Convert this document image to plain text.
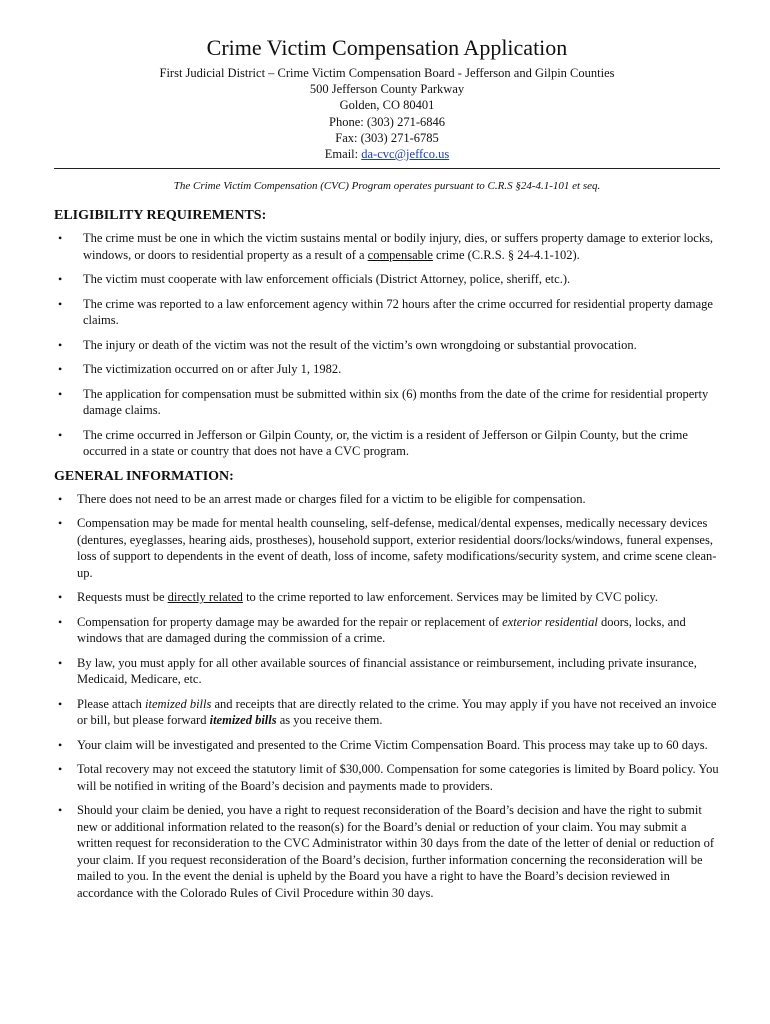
Crime Victim Compensation Application
First Judicial District – Crime Victim Compensation Board - Jefferson and Gilpin Counties
500 Jefferson County Parkway
Golden, CO 80401
Phone: (303) 271-6846
Fax: (303) 271-6785
Email: da-cvc@jeffco.us
The Crime Victim Compensation (CVC) Program operates pursuant to C.R.S §24-4.1-101 et seq.
ELIGIBILITY REQUIREMENTS:
• The crime must be one in which the victim sustains mental or bodily injury, dies, or suffers property damage to exterior locks, windows, or doors to residential property as a result of a compensable crime (C.R.S. § 24-4.1-102).
• The victim must cooperate with law enforcement officials (District Attorney, police, sheriff, etc.).
• The crime was reported to a law enforcement agency within 72 hours after the crime occurred for residential property damage claims.
• The injury or death of the victim was not the result of the victim’s own wrongdoing or substantial provocation.
• The victimization occurred on or after July 1, 1982.
• The application for compensation must be submitted within six (6) months from the date of the crime for residential property damage claims.
• The crime occurred in Jefferson or Gilpin County, or, the victim is a resident of Jefferson or Gilpin County, but the crime occurred in a state or country that does not have a CVC program.
GENERAL INFORMATION:
• There does not need to be an arrest made or charges filed for a victim to be eligible for compensation.
• Compensation may be made for mental health counseling, self-defense, medical/dental expenses, medically necessary devices (dentures, eyeglasses, hearing aids, prostheses), household support, exterior residential doors/locks/windows, funeral expenses, loss of support to dependents in the event of death, loss of income, safety modifications/security system, and crime scene clean-up.
• Requests must be directly related to the crime reported to law enforcement. Services may be limited by CVC policy.
• Compensation for property damage may be awarded for the repair or replacement of exterior residential doors, locks, and windows that are damaged during the commission of a crime.
• By law, you must apply for all other available sources of financial assistance or reimbursement, including private insurance, Medicaid, Medicare, etc.
• Please attach itemized bills and receipts that are directly related to the crime. You may apply if you have not received an invoice or bill, but please forward itemized bills as you receive them.
• Your claim will be investigated and presented to the Crime Victim Compensation Board. This process may take up to 60 days.
• Total recovery may not exceed the statutory limit of $30,000. Compensation for some categories is limited by Board policy. You will be notified in writing of the Board’s decision and payments made to providers.
• Should your claim be denied, you have a right to request reconsideration of the Board’s decision and have the right to submit new or additional information related to the reason(s) for the Board’s denial or reduction of your claim. You may submit a written request for reconsideration to the CVC Administrator within 30 days from the date of the letter of denial or reduction of your claim. If you request reconsideration of the Board’s decision, further information concerning the reconsideration will be mailed to you. In the event the denial is upheld by the Board you have a right to have the Board’s decision reviewed in accordance with the Colorado Rules of Civil Procedure within 30 days.
